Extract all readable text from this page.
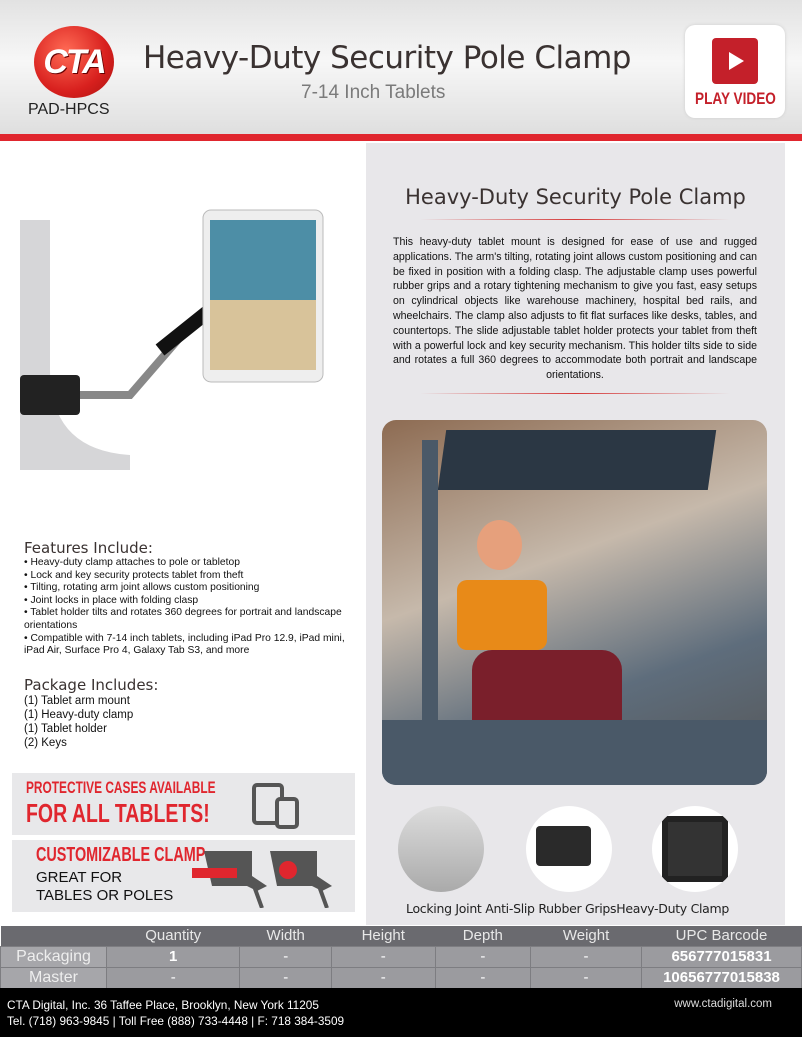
CTA
PAD-HPCS
Heavy-Duty Security Pole Clamp
7-14 Inch Tablets	PLAY VIDEO
Features Include:
• Heavy-duty clamp attaches to pole or tabletop
• Lock and key security protects tablet from theft
• Tilting, rotating arm joint allows custom positioning
• Joint locks in place with folding clasp
• Tablet holder tilts and rotates 360 degrees for portrait and landscape orientations
• Compatible with 7-14 inch tablets, including iPad Pro 12.9, iPad mini, iPad Air, Surface Pro 4, Galaxy Tab S3, and more
Package Includes:
(1) Tablet arm mount
(1) Heavy-duty clamp
(1) Tablet holder
(2) Keys
PROTECTIVE CASES AVAILABLE
FOR ALL TABLETS!
CUSTOMIZABLE CLAMP
GREAT FOR
TABLES OR POLES
Heavy-Duty Security Pole Clamp
This heavy-duty tablet mount is designed for ease of use and rugged applications. The arm's tilting, rotating joint allows custom positioning and can be fixed in position with a folding clasp. The adjustable clamp uses powerful rubber grips and a rotary tightening mechanism to give you fast, easy setups on cylindrical objects like warehouse machinery, hospital bed rails, and wheelchairs. The clamp also adjusts to fit flat surfaces like desks, tables, and countertops. The slide adjustable tablet holder protects your tablet from theft with a powerful lock and key security mechanism. This holder tilts side to side and rotates a full 360 degrees to accommodate both portrait and landscape orientations.
Locking Joint Anti-Slip Rubber GripsHeavy-Duty Clamp
	Quantity	Width	Height	Depth	Weight	UPC Barcode
Packaging	1	-	-	-	-	656777015831
Master	-	-	-	-	-	10656777015838
CTA Digital, Inc. 36 Taffee Place, Brooklyn, New York 11205
Tel. (718) 963-9845 | Toll Free (888) 733-4448 | F: 718 384-3509
www.ctadigital.com
